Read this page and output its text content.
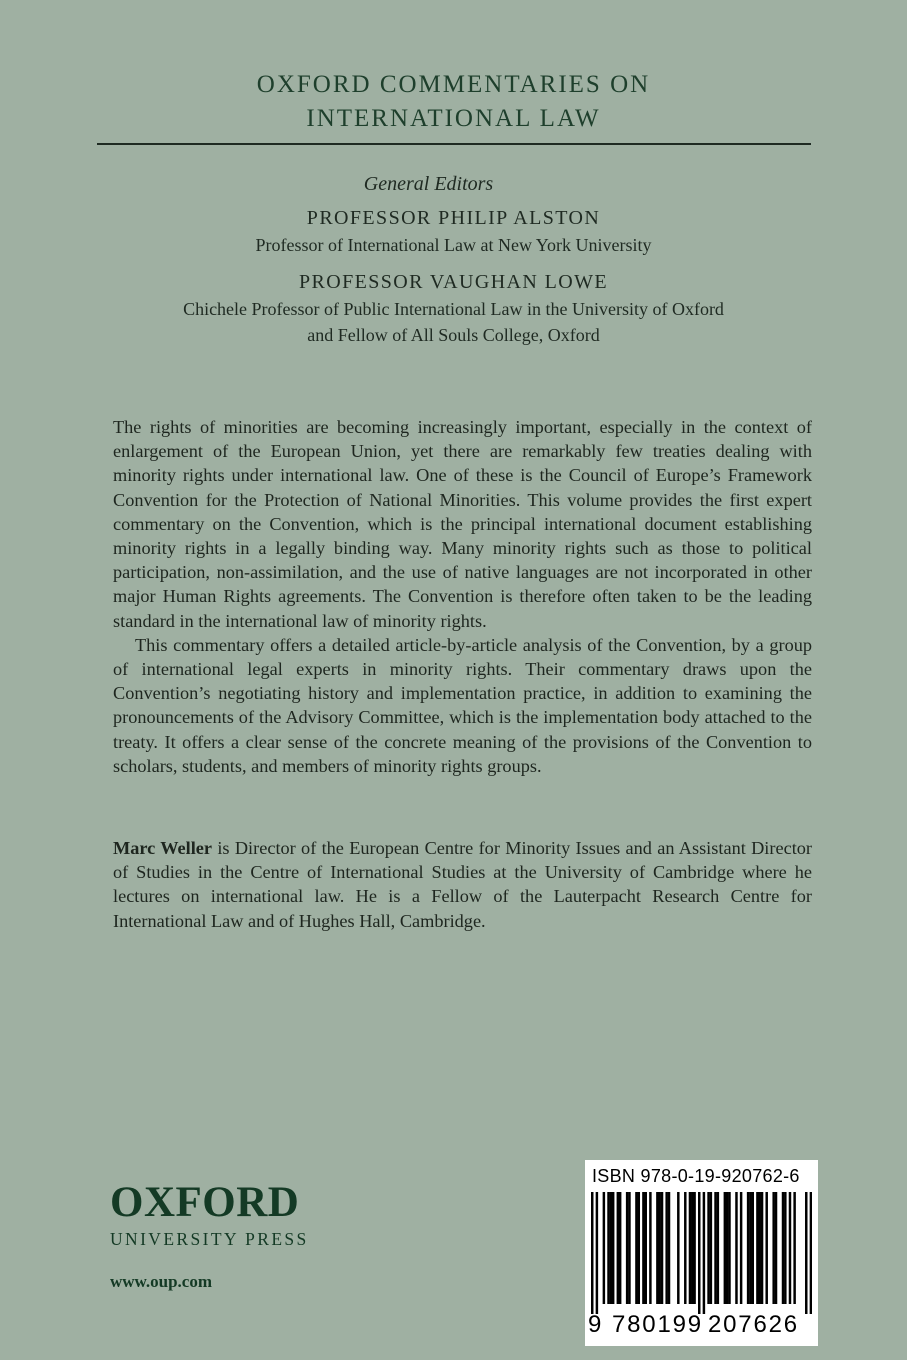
OXFORD COMMENTARIES ON
INTERNATIONAL LAW
General Editors
PROFESSOR PHILIP ALSTON
Professor of International Law at New York University
PROFESSOR VAUGHAN LOWE
Chichele Professor of Public International Law in the University of Oxford
and Fellow of All Souls College, Oxford

The rights of minorities are becoming increasingly important, especially in the context of enlargement of the European Union, yet there are remarkably few treaties dealing with minority rights under international law. One of these is the Council of Europe’s Framework Convention for the Protection of National Minorities. This volume provides the first expert commentary on the Convention, which is the principal international document establishing minority rights in a legally binding way. Many minority rights such as those to political participation, non-assimilation, and the use of native languages are not incorporated in other major Human Rights agreements. The Convention is therefore often taken to be the leading standard in the international law of minority rights.

This commentary offers a detailed article-by-article analysis of the Convention, by a group of international legal experts in minority rights. Their commentary draws upon the Convention’s negotiating history and implementation practice, in addition to examining the pronouncements of the Advisory Committee, which is the implementation body attached to the treaty. It offers a clear sense of the concrete meaning of the provisions of the Convention to scholars, students, and members of minority rights groups.

Marc Weller is Director of the European Centre for Minority Issues and an Assistant Director of Studies in the Centre of International Studies at the University of Cambridge where he lectures on international law. He is a Fellow of the Lauterpacht Research Centre for International Law and of Hughes Hall, Cambridge.
OXFORD
UNIVERSITY PRESS
www.oup.com
ISBN 978-0-19-920762-6
9 780199 207626
